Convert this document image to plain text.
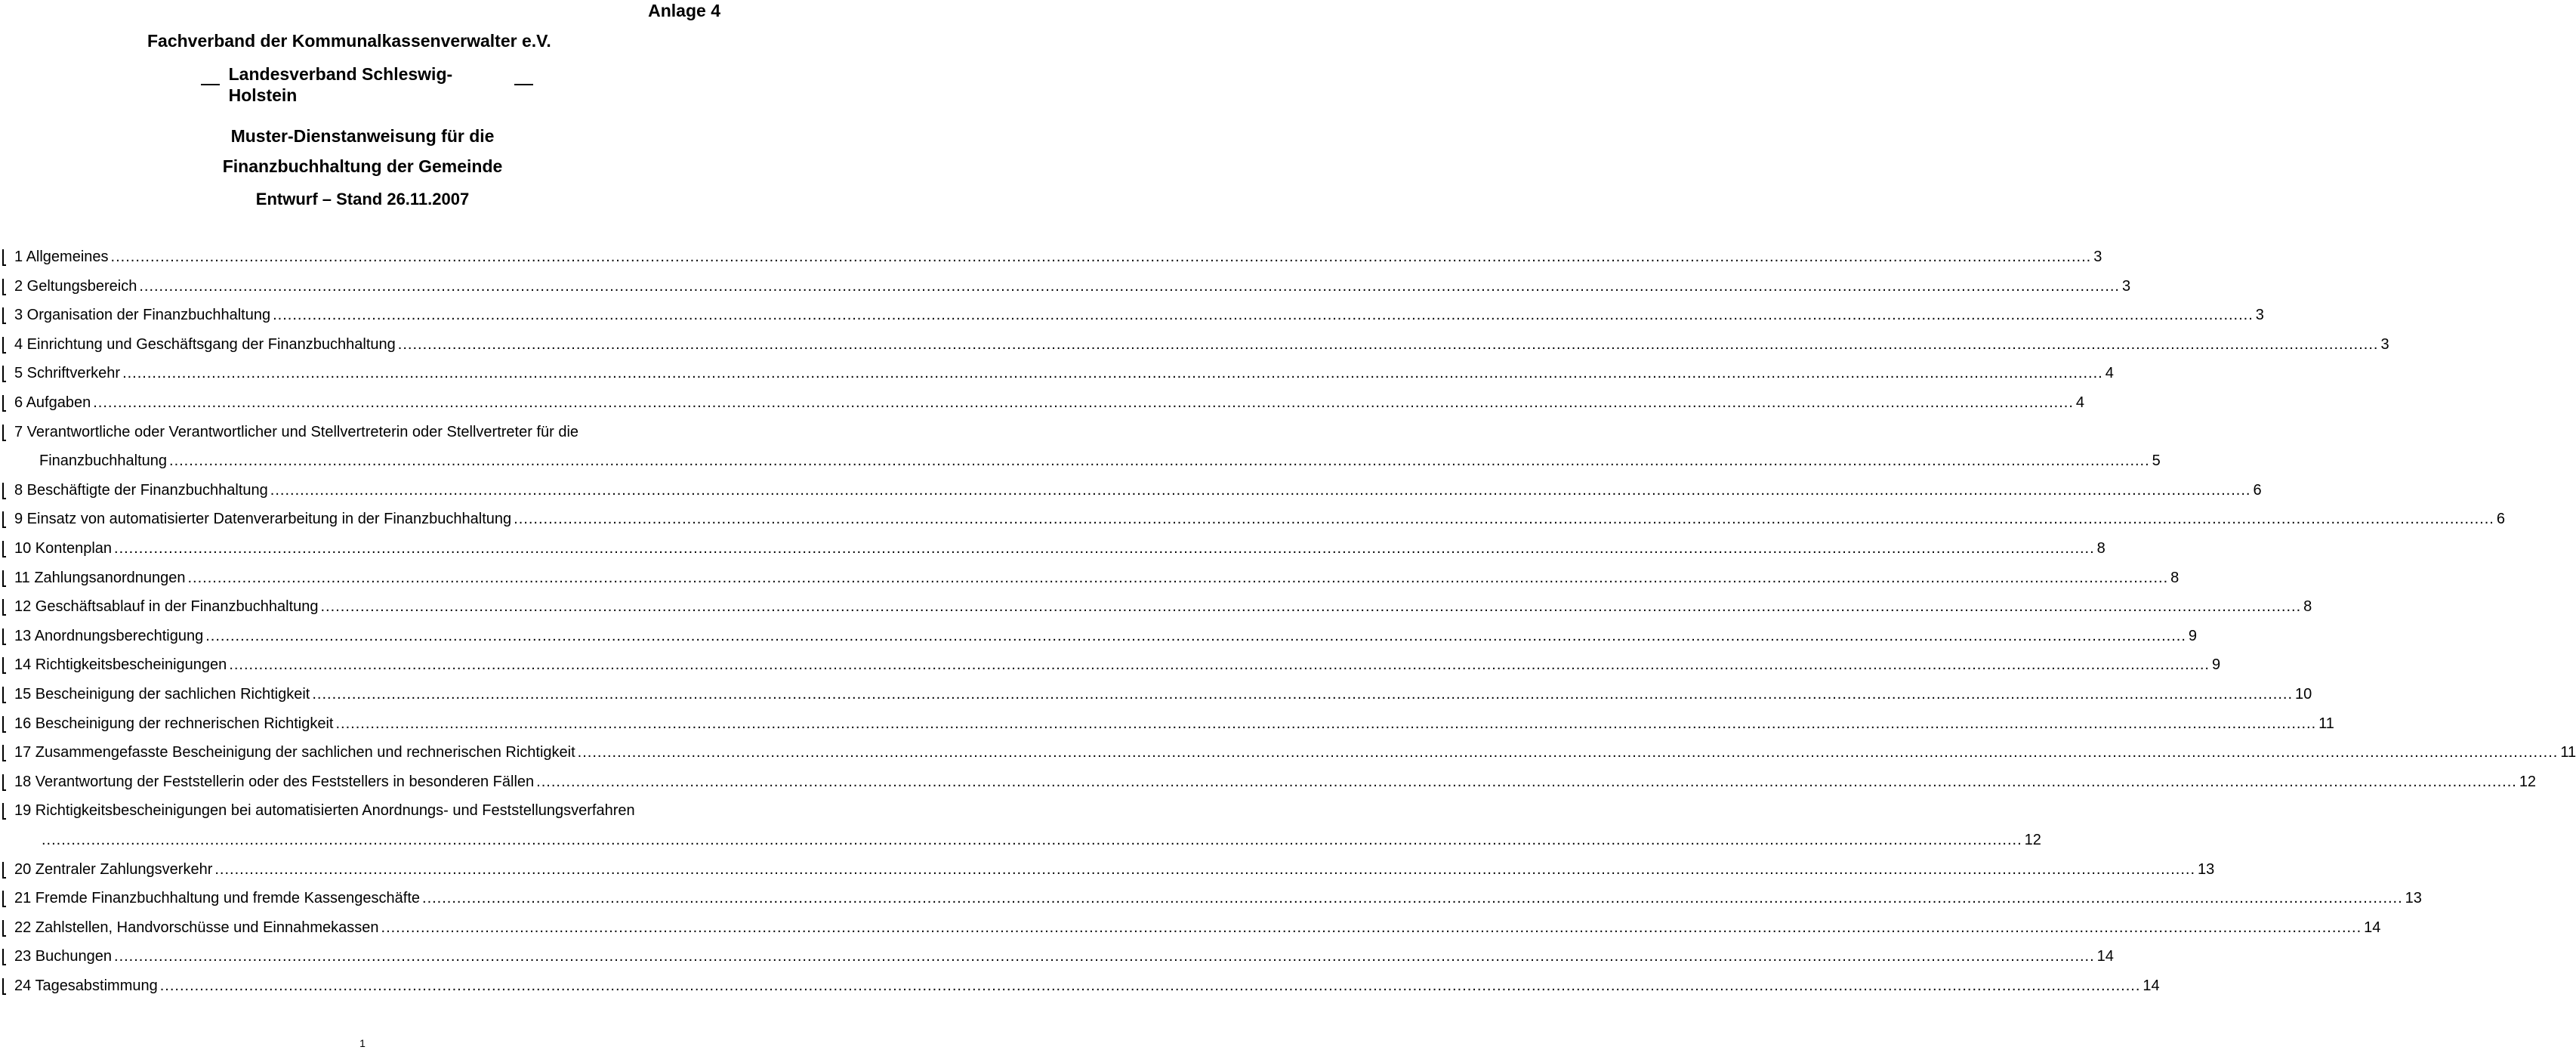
Anlage 4
Fachverband der Kommunalkassenverwalter e.V.
Landesverband Schleswig-Holstein
Muster-Dienstanweisung für die
Finanzbuchhaltung der Gemeinde
Entwurf – Stand 26.11.2007
1 Allgemeines ................................................................................................................................................................................................................................................................................................................................................................................................................ 3
2 Geltungsbereich ................................................................................................................................................................................................................................................................................................................................................................................................................ 3
3 Organisation der Finanzbuchhaltung ................................................................................................................................................................................................................................................................................................................................................................................................................ 3
4 Einrichtung und Geschäftsgang der Finanzbuchhaltung ................................................................................................................................................................................................................................................................................................................................................................................................................ 3
5 Schriftverkehr ................................................................................................................................................................................................................................................................................................................................................................................................................ 4
6 Aufgaben ................................................................................................................................................................................................................................................................................................................................................................................................................ 4
7 Verantwortliche oder Verantwortlicher und Stellvertreterin oder Stellvertreter für die
Finanzbuchhaltung ................................................................................................................................................................................................................................................................................................................................................................................................................ 5
8 Beschäftigte der Finanzbuchhaltung ................................................................................................................................................................................................................................................................................................................................................................................................................ 6
9 Einsatz von automatisierter Datenverarbeitung in der Finanzbuchhaltung ................................................................................................................................................................................................................................................................................................................................................................................................................ 6
10 Kontenplan ................................................................................................................................................................................................................................................................................................................................................................................................................ 8
11 Zahlungsanordnungen ................................................................................................................................................................................................................................................................................................................................................................................................................ 8
12 Geschäftsablauf in der Finanzbuchhaltung ................................................................................................................................................................................................................................................................................................................................................................................................................ 8
13 Anordnungsberechtigung ................................................................................................................................................................................................................................................................................................................................................................................................................ 9
14 Richtigkeitsbescheinigungen ................................................................................................................................................................................................................................................................................................................................................................................................................ 9
15 Bescheinigung der sachlichen Richtigkeit ................................................................................................................................................................................................................................................................................................................................................................................................................ 10
16 Bescheinigung der rechnerischen Richtigkeit ................................................................................................................................................................................................................................................................................................................................................................................................................ 11
17 Zusammengefasste Bescheinigung der sachlichen und rechnerischen Richtigkeit ................................................................................................................................................................................................................................................................................................................................................................................................................ 11
18 Verantwortung der Feststellerin oder des Feststellers in besonderen Fällen ................................................................................................................................................................................................................................................................................................................................................................................................................ 12
19 Richtigkeitsbescheinigungen bei automatisierten Anordnungs- und Feststellungsverfahren
................................................................................................................................................................................................................................................................................................................................................................................................................ 12
20 Zentraler Zahlungsverkehr ................................................................................................................................................................................................................................................................................................................................................................................................................ 13
21 Fremde Finanzbuchhaltung und fremde Kassengeschäfte ................................................................................................................................................................................................................................................................................................................................................................................................................ 13
22 Zahlstellen, Handvorschüsse und Einnahmekassen ................................................................................................................................................................................................................................................................................................................................................................................................................ 14
23 Buchungen ................................................................................................................................................................................................................................................................................................................................................................................................................ 14
24 Tagesabstimmung ................................................................................................................................................................................................................................................................................................................................................................................................................ 14
1
